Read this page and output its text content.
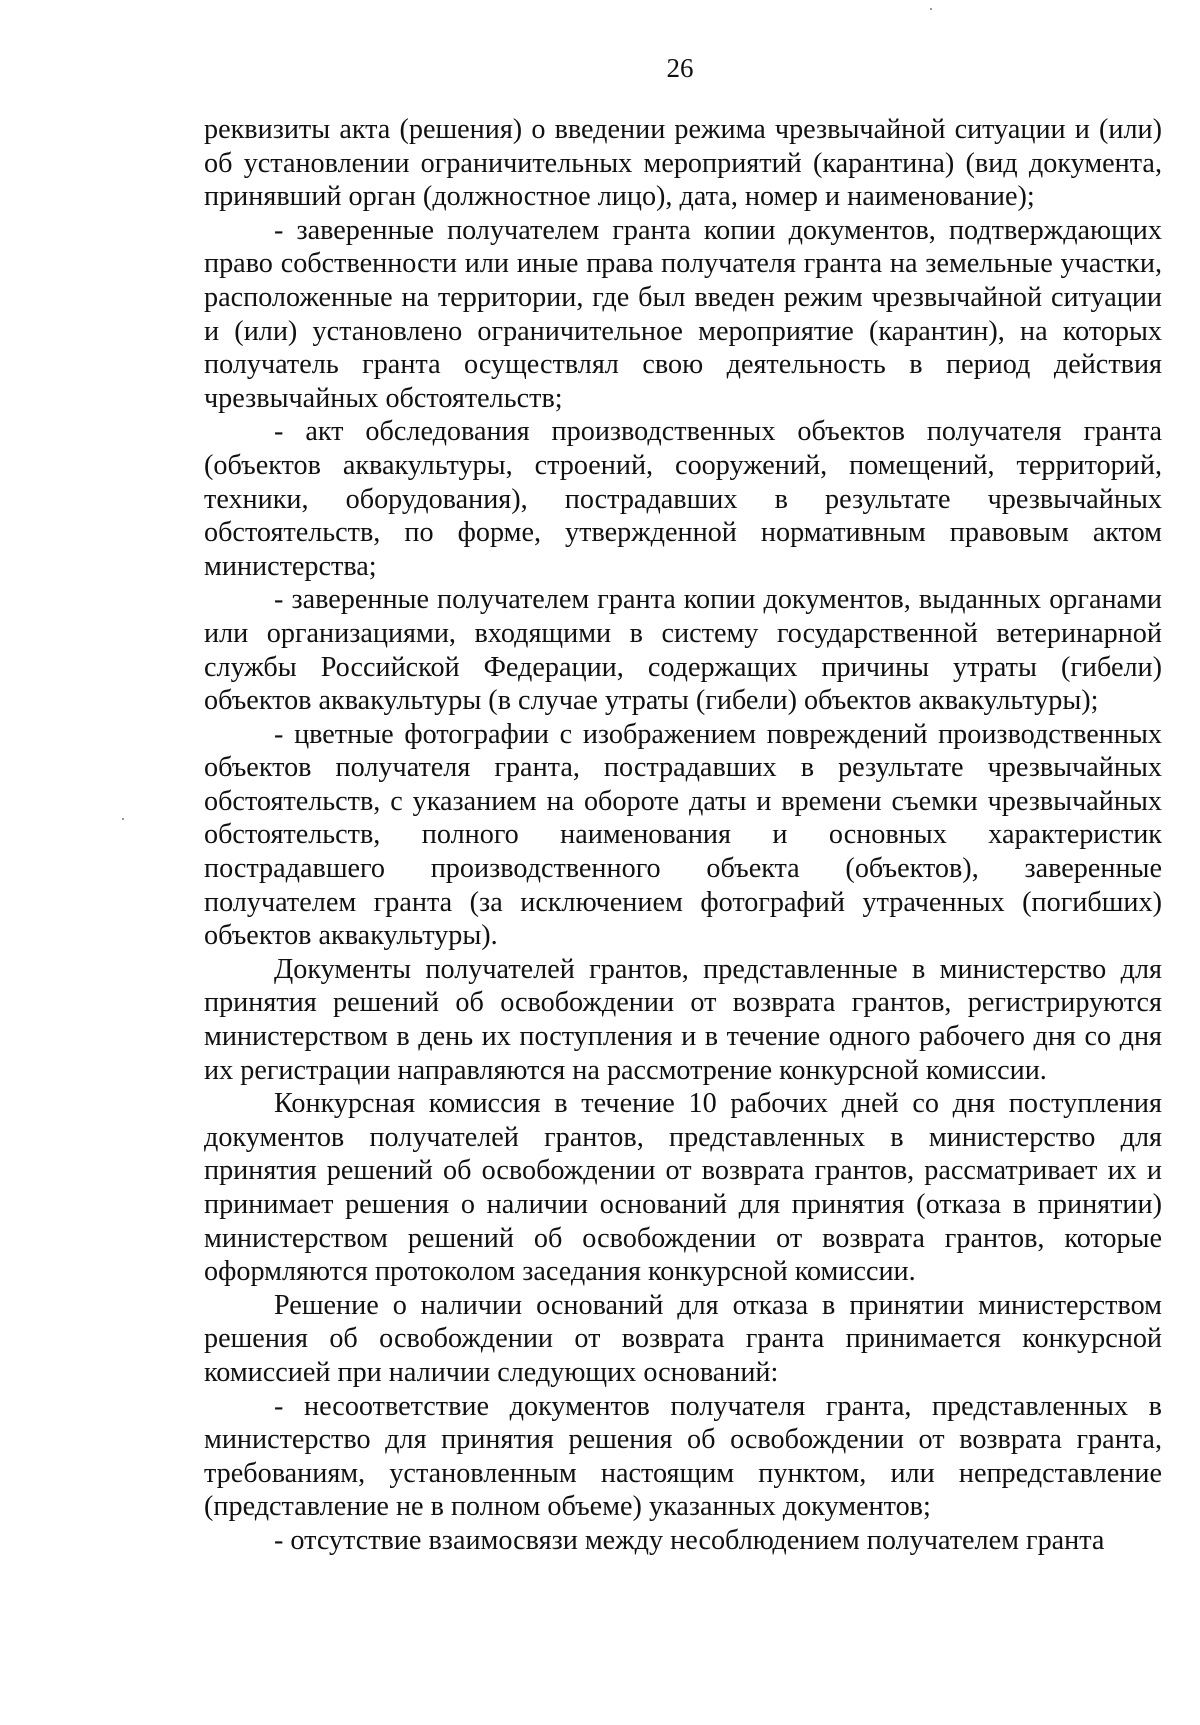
26

реквизиты акта (решения) о введении режима чрезвычайной ситуации и (или) об установлении ограничительных мероприятий (карантина) (вид документа, принявший орган (должностное лицо), дата, номер и наименование);

- заверенные получателем гранта копии документов, подтверждающих право собственности или иные права получателя гранта на земельные участки, расположенные на территории, где был введен режим чрезвычайной ситуации и (или) установлено ограничительное мероприятие (карантин), на которых получатель гранта осуществлял свою деятельность в период действия чрезвычайных обстоятельств;

- акт обследования производственных объектов получателя гранта (объектов аквакультуры, строений, сооружений, помещений, территорий, техники, оборудования), пострадавших в результате чрезвычайных обстоятельств, по форме, утвержденной нормативным правовым актом министерства;

- заверенные получателем гранта копии документов, выданных органами или организациями, входящими в систему государственной ветеринарной службы Российской Федерации, содержащих причины утраты (гибели) объектов аквакультуры (в случае утраты (гибели) объектов аквакультуры);

- цветные фотографии с изображением повреждений производственных объектов получателя гранта, пострадавших в результате чрезвычайных обстоятельств, с указанием на обороте даты и времени съемки чрезвычайных обстоятельств, полного наименования и основных характеристик пострадавшего производственного объекта (объектов), заверенные получателем гранта (за исключением фотографий утраченных (погибших) объектов аквакультуры).

Документы получателей грантов, представленные в министерство для принятия решений об освобождении от возврата грантов, регистрируются министерством в день их поступления и в течение одного рабочего дня со дня их регистрации направляются на рассмотрение конкурсной комиссии.

Конкурсная комиссия в течение 10 рабочих дней со дня поступления документов получателей грантов, представленных в министерство для принятия решений об освобождении от возврата грантов, рассматривает их и принимает решения о наличии оснований для принятия (отказа в принятии) министерством решений об освобождении от возврата грантов, которые оформляются протоколом заседания конкурсной комиссии.

Решение о наличии оснований для отказа в принятии министерством решения об освобождении от возврата гранта принимается конкурсной комиссией при наличии следующих оснований:

- несоответствие документов получателя гранта, представленных в министерство для принятия решения об освобождении от возврата гранта, требованиям, установленным настоящим пунктом, или непредставление (представление не в полном объеме) указанных документов;

- отсутствие взаимосвязи между несоблюдением получателем гранта
